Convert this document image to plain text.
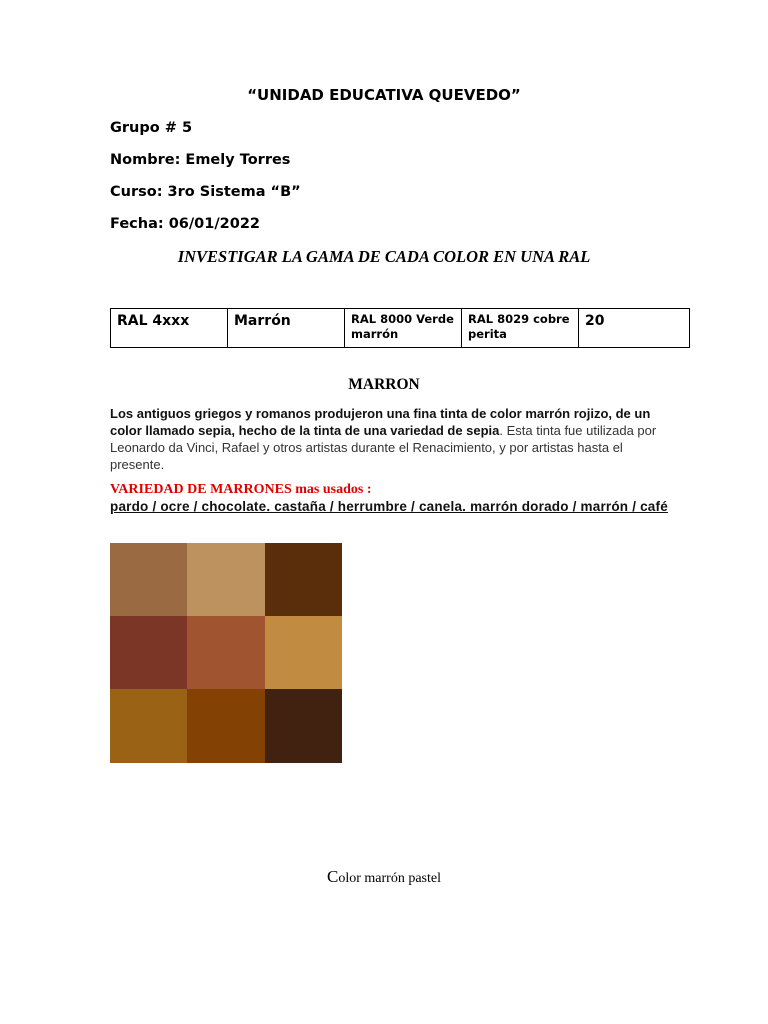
“UNIDAD EDUCATIVA QUEVEDO”
Grupo # 5
Nombre: Emely Torres
Curso: 3ro Sistema “B”
Fecha: 06/01/2022
INVESTIGAR LA GAMA DE CADA COLOR EN UNA RAL
RAL 4xxx	Marrón	RAL 8000 Verde marrón	RAL 8029 cobre perita	20
MARRON
Los antiguos griegos y romanos produjeron una fina tinta de color marrón rojizo, de un color llamado sepia, hecho de la tinta de una variedad de sepia. Esta tinta fue utilizada por Leonardo da Vinci, Rafael y otros artistas durante el Renacimiento, y por artistas hasta el presente.
VARIEDAD DE MARRONES mas usados :
pardo / ocre / chocolate. castaña / herrumbre / canela. marrón dorado / marrón / café
Color marrón pastel
